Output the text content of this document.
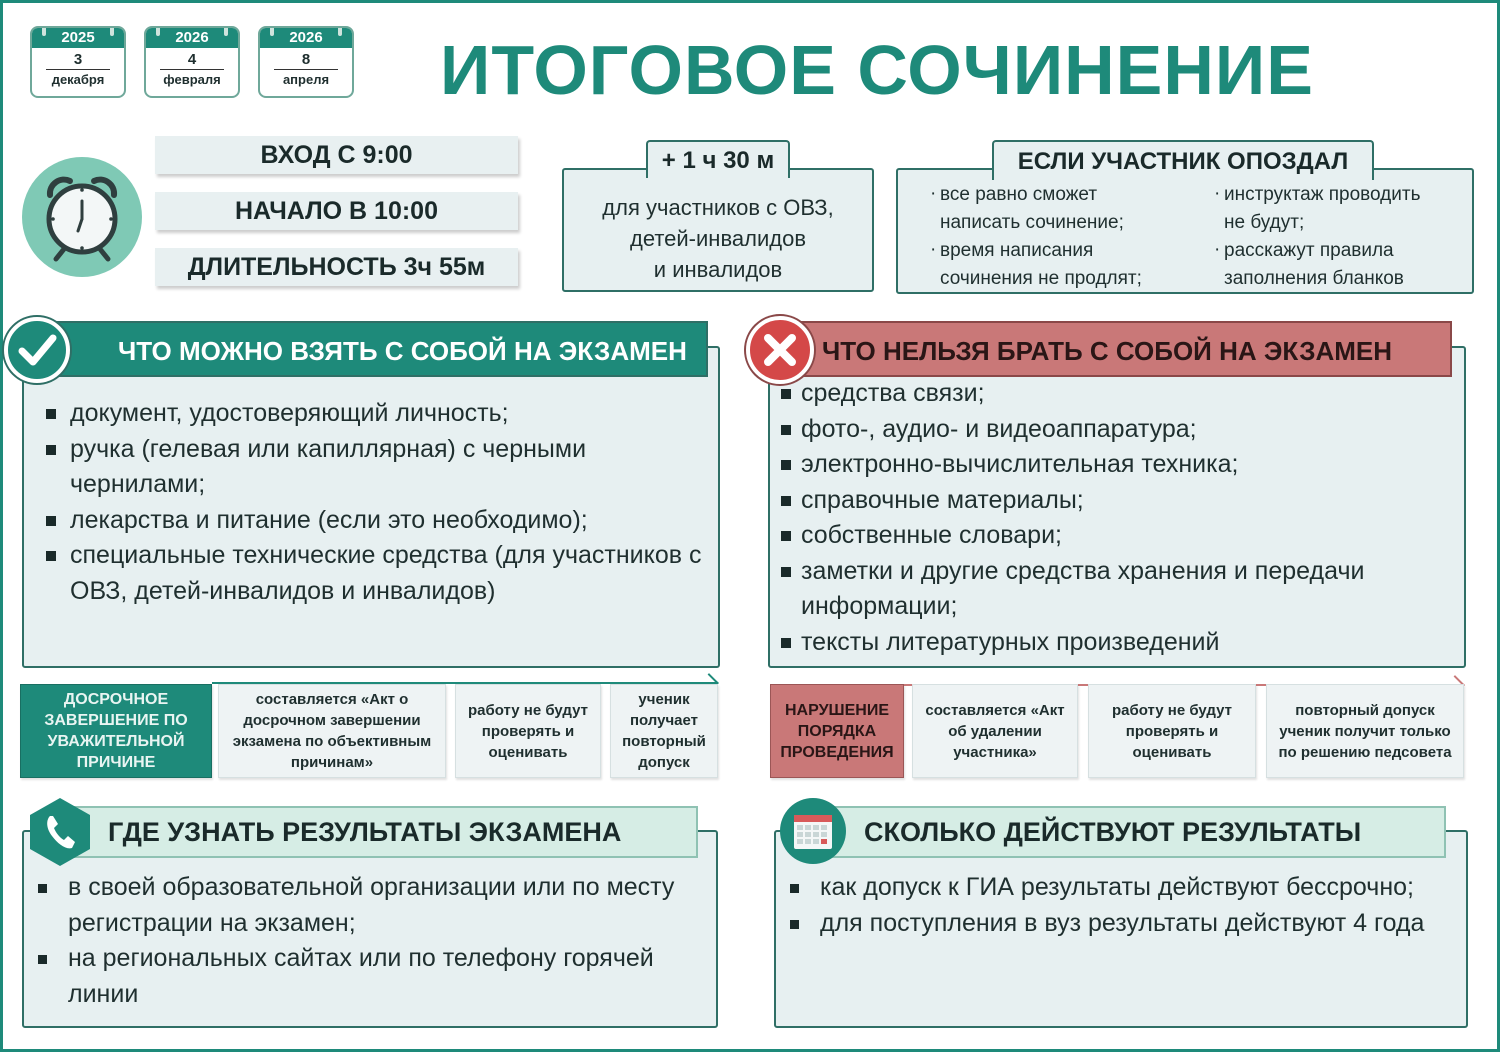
2025
3
декабря
2026
4
февраля
2026
8
апреля	ИТОГОВОЕ СОЧИНЕНИЕ
ВХОД С 9:00
НАЧАЛО В 10:00
ДЛИТЕЛЬНОСТЬ 3ч 55м
для участников с ОВЗ,
детей-инвалидов
и инвалидов
+ 1 ч 30 м
· все равно сможет
написать сочинение;
· время написания
сочинения не продлят;
· инструктаж проводить
не будут;
· расскажут правила
заполнения бланков
ЕСЛИ УЧАСТНИК ОПОЗДАЛ
документ, удостоверяющий личность;
ручка (гелевая или капиллярная) с черными чернилами;
лекарства и питание (если это необходимо);
специальные технические средства (для участников с ОВЗ, детей-инвалидов и инвалидов)
ЧТО МОЖНО ВЗЯТЬ С СОБОЙ НА ЭКЗАМЕН
средства связи;
фото-, аудио- и видеоаппаратура;
электронно-вычислительная техника;
справочные материалы;
собственные словари;
заметки и другие средства хранения и передачи информации;
тексты литературных произведений
ЧТО НЕЛЬЗЯ БРАТЬ С СОБОЙ НА ЭКЗАМЕН
ДОСРОЧНОЕ ЗАВЕРШЕНИЕ ПО УВАЖИТЕЛЬНОЙ ПРИЧИНЕ
составляется «Акт о досрочном завершении экзамена по объективным причинам»
работу не будут проверять и оценивать
ученик получает повторный допуск
НАРУШЕНИЕ ПОРЯДКА ПРОВЕДЕНИЯ
составляется «Акт об удалении участника»
работу не будут проверять и оценивать
повторный допуск ученик получит только по решению педсовета
в своей образовательной организации или по месту регистрации на экзамен;
на региональных сайтах или по телефону горячей линии
ГДЕ УЗНАТЬ РЕЗУЛЬТАТЫ ЭКЗАМЕНА
как допуск к ГИА результаты действуют бессрочно;
для поступления в вуз результаты действуют 4 года
СКОЛЬКО ДЕЙСТВУЮТ РЕЗУЛЬТАТЫ
